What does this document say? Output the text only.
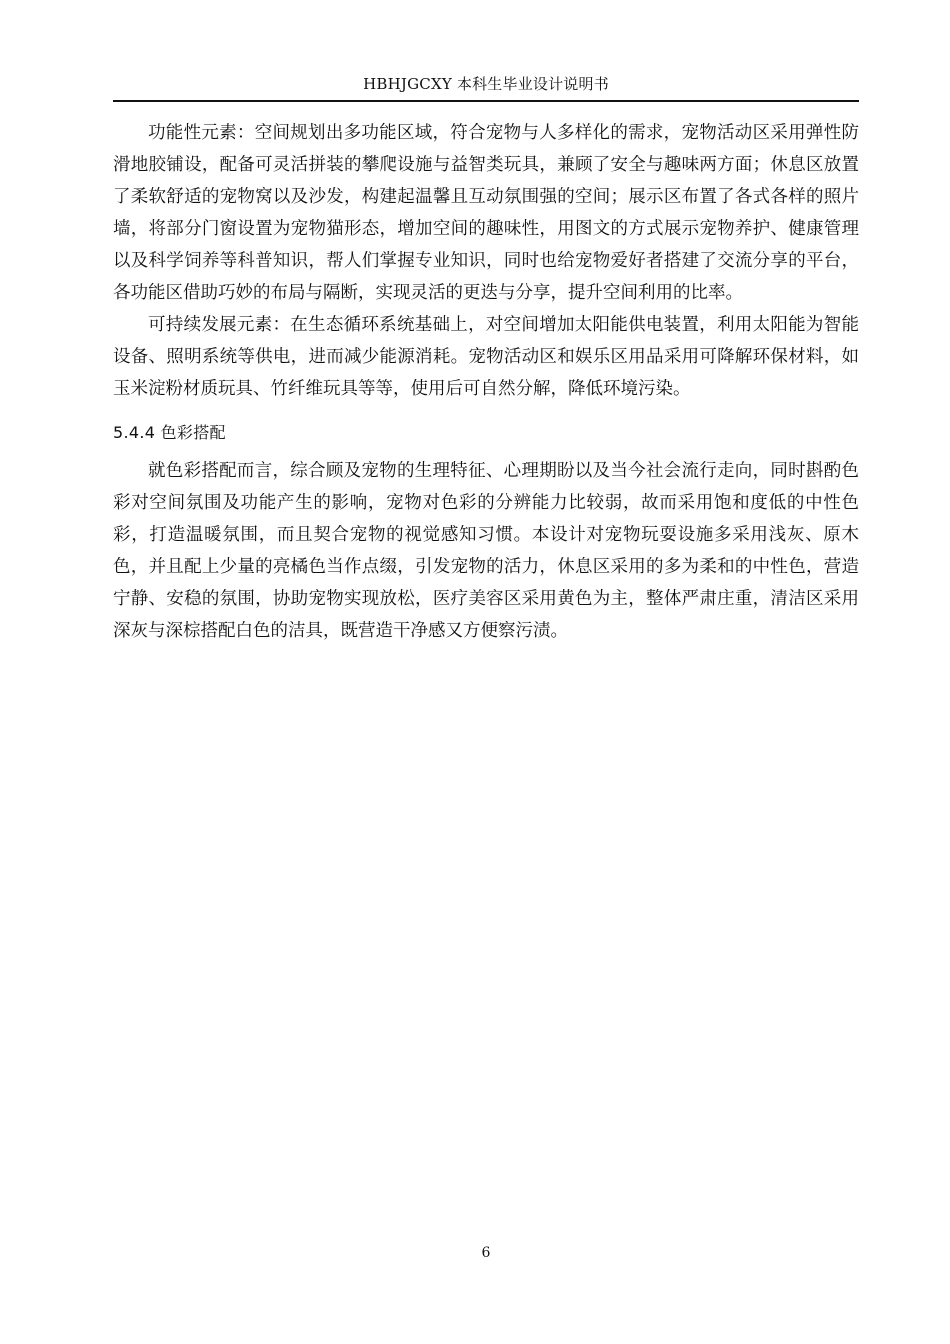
HBHJGCXY 本科生毕业设计说明书

功能性元素：空间规划出多功能区域，符合宠物与人多样化的需求，宠物活动区采用弹性防滑地胶铺设，配备可灵活拼装的攀爬设施与益智类玩具，兼顾了安全与趣味两方面；休息区放置了柔软舒适的宠物窝以及沙发，构建起温馨且互动氛围强的空间；展示区布置了各式各样的照片墙，将部分门窗设置为宠物猫形态，增加空间的趣味性，用图文的方式展示宠物养护、健康管理以及科学饲养等科普知识，帮人们掌握专业知识，同时也给宠物爱好者搭建了交流分享的平台，各功能区借助巧妙的布局与隔断，实现灵活的更迭与分享，提升空间利用的比率。

可持续发展元素：在生态循环系统基础上，对空间增加太阳能供电装置，利用太阳能为智能设备、照明系统等供电，进而减少能源消耗。宠物活动区和娱乐区用品采用可降解环保材料，如玉米淀粉材质玩具、竹纤维玩具等等，使用后可自然分解，降低环境污染。

5.4.4 色彩搭配

就色彩搭配而言，综合顾及宠物的生理特征、心理期盼以及当今社会流行走向，同时斟酌色彩对空间氛围及功能产生的影响，宠物对色彩的分辨能力比较弱，故而采用饱和度低的中性色彩，打造温暖氛围，而且契合宠物的视觉感知习惯。本设计对宠物玩耍设施多采用浅灰、原木色，并且配上少量的亮橘色当作点缀，引发宠物的活力，休息区采用的多为柔和的中性色，营造宁静、安稳的氛围，协助宠物实现放松，医疗美容区采用黄色为主，整体严肃庄重，清洁区采用深灰与深棕搭配白色的洁具，既营造干净感又方便察污渍。

6
